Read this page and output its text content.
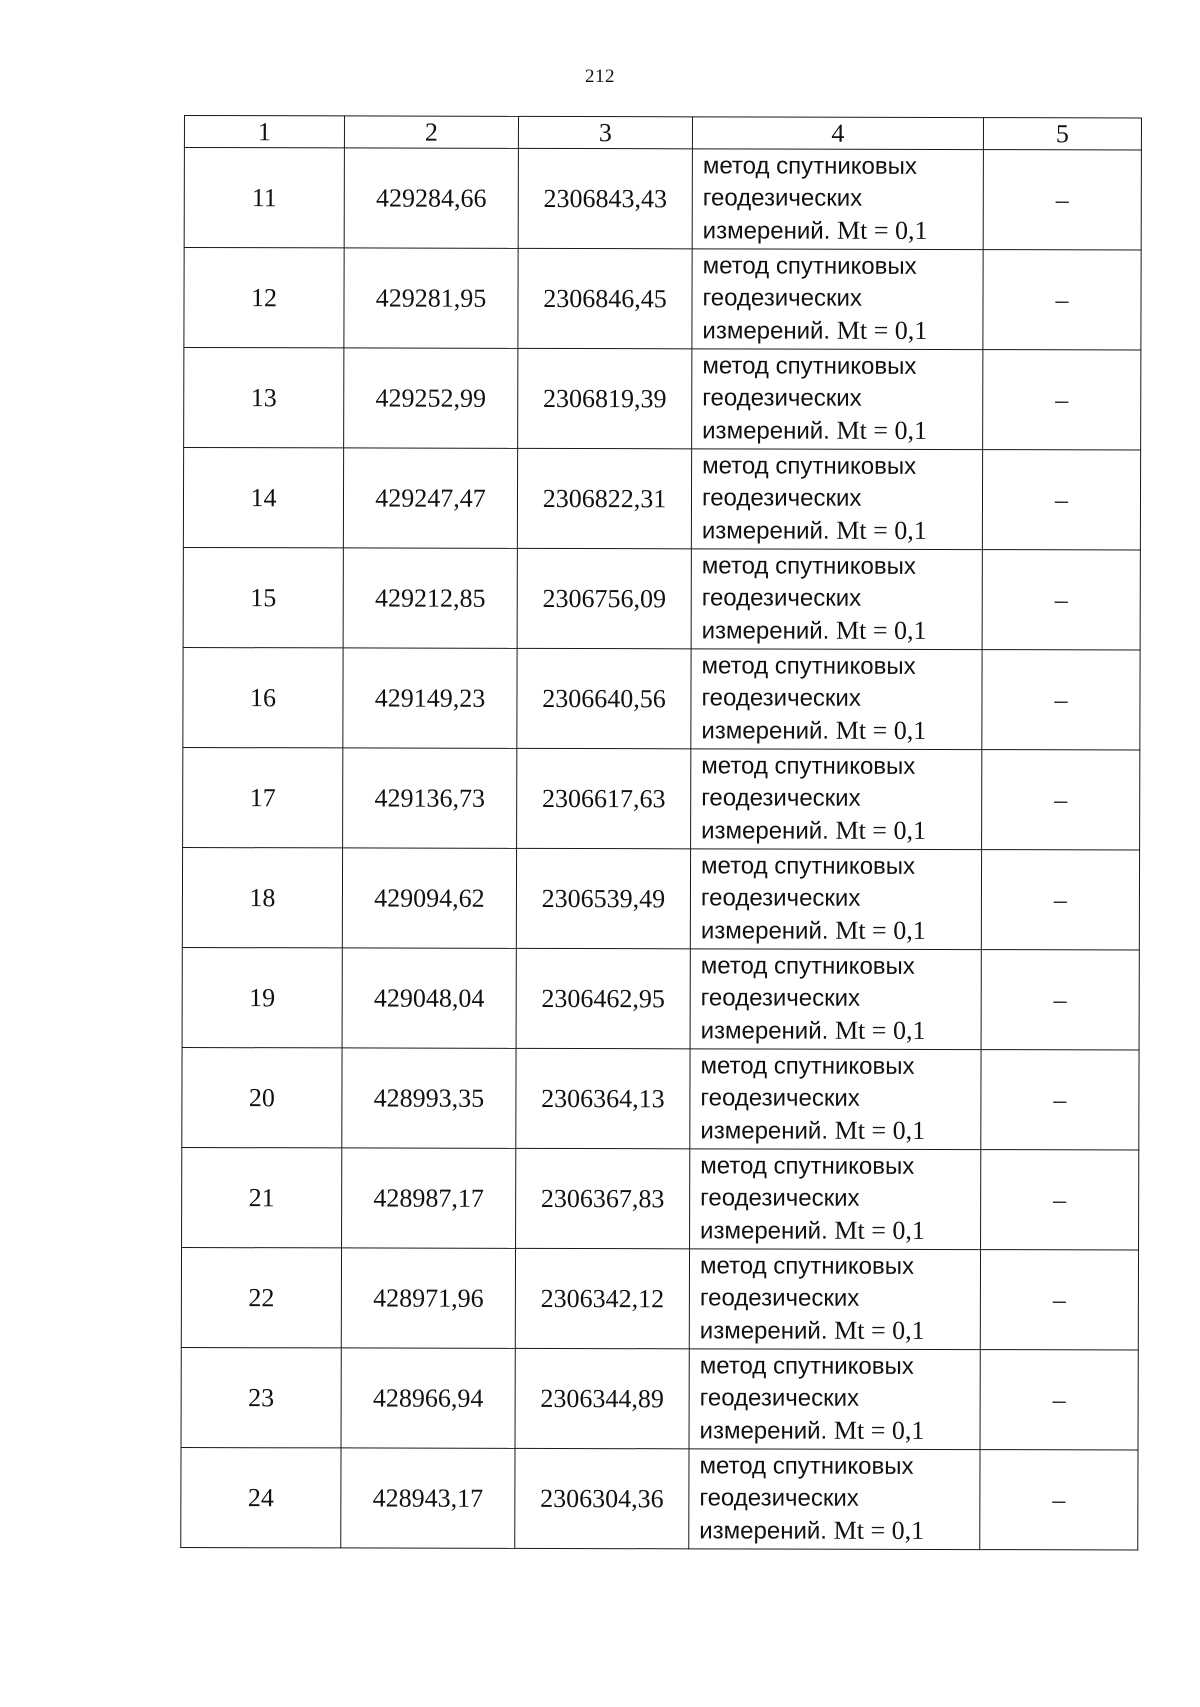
212
1	2	3	4	5
11	429284,66	2306843,43	метод спутниковых
геодезических
измерений. Mt = 0,1	–
12	429281,95	2306846,45	метод спутниковых
геодезических
измерений. Mt = 0,1	–
13	429252,99	2306819,39	метод спутниковых
геодезических
измерений. Mt = 0,1	–
14	429247,47	2306822,31	метод спутниковых
геодезических
измерений. Mt = 0,1	–
15	429212,85	2306756,09	метод спутниковых
геодезических
измерений. Mt = 0,1	–
16	429149,23	2306640,56	метод спутниковых
геодезических
измерений. Mt = 0,1	–
17	429136,73	2306617,63	метод спутниковых
геодезических
измерений. Mt = 0,1	–
18	429094,62	2306539,49	метод спутниковых
геодезических
измерений. Mt = 0,1	–
19	429048,04	2306462,95	метод спутниковых
геодезических
измерений. Mt = 0,1	–
20	428993,35	2306364,13	метод спутниковых
геодезических
измерений. Mt = 0,1	–
21	428987,17	2306367,83	метод спутниковых
геодезических
измерений. Mt = 0,1	–
22	428971,96	2306342,12	метод спутниковых
геодезических
измерений. Mt = 0,1	–
23	428966,94	2306344,89	метод спутниковых
геодезических
измерений. Mt = 0,1	–
24	428943,17	2306304,36	метод спутниковых
геодезических
измерений. Mt = 0,1	–
